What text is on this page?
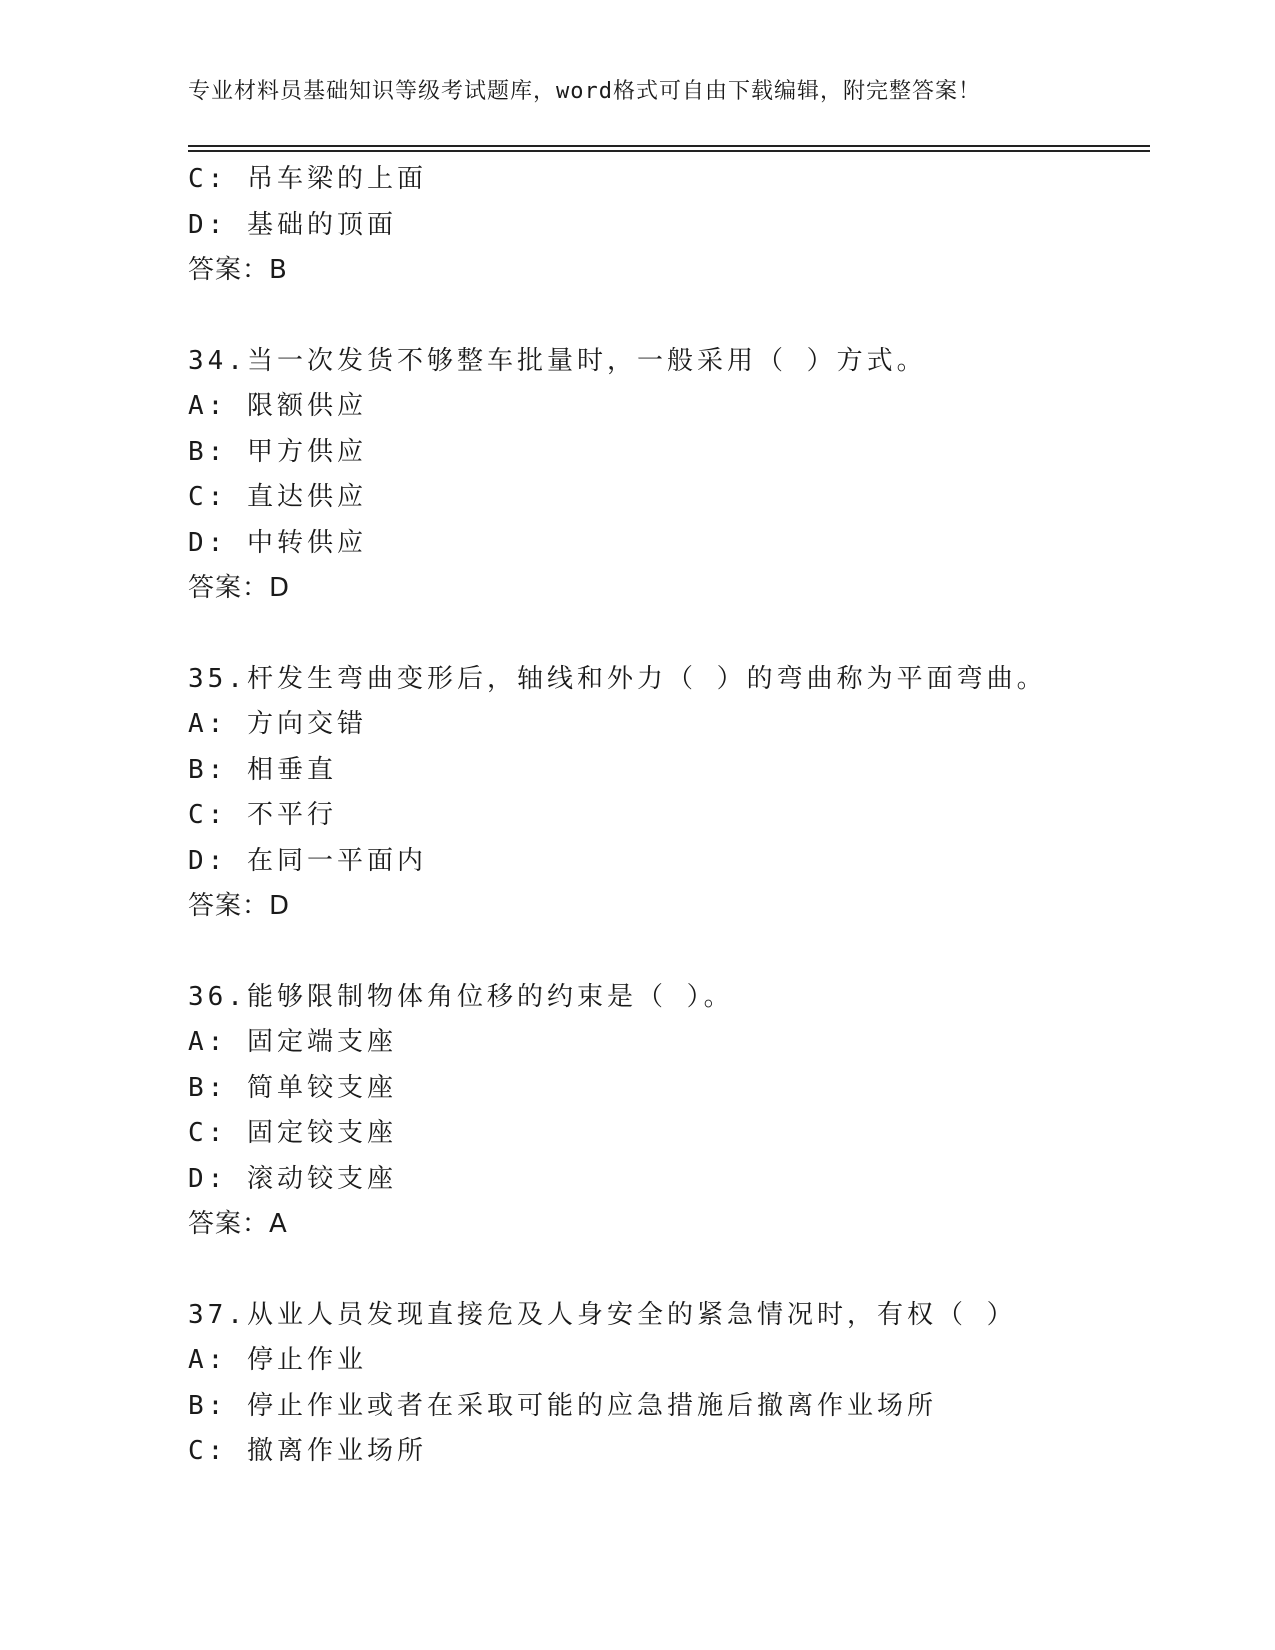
专业材料员基础知识等级考试题库，word格式可自由下载编辑，附完整答案！
C: 吊车梁的上面
D: 基础的顶面
答案：B
34.当一次发货不够整车批量时，一般采用（ ）方式。
A: 限额供应
B: 甲方供应
C: 直达供应
D: 中转供应
答案：D
35.杆发生弯曲变形后，轴线和外力（ ）的弯曲称为平面弯曲。
A: 方向交错
B: 相垂直
C: 不平行
D: 在同一平面内
答案：D
36.能够限制物体角位移的约束是（ ）。
A: 固定端支座
B: 简单铰支座
C: 固定铰支座
D: 滚动铰支座
答案：A
37.从业人员发现直接危及人身安全的紧急情况时，有权（ ）
A: 停止作业
B: 停止作业或者在采取可能的应急措施后撤离作业场所
C: 撤离作业场所
